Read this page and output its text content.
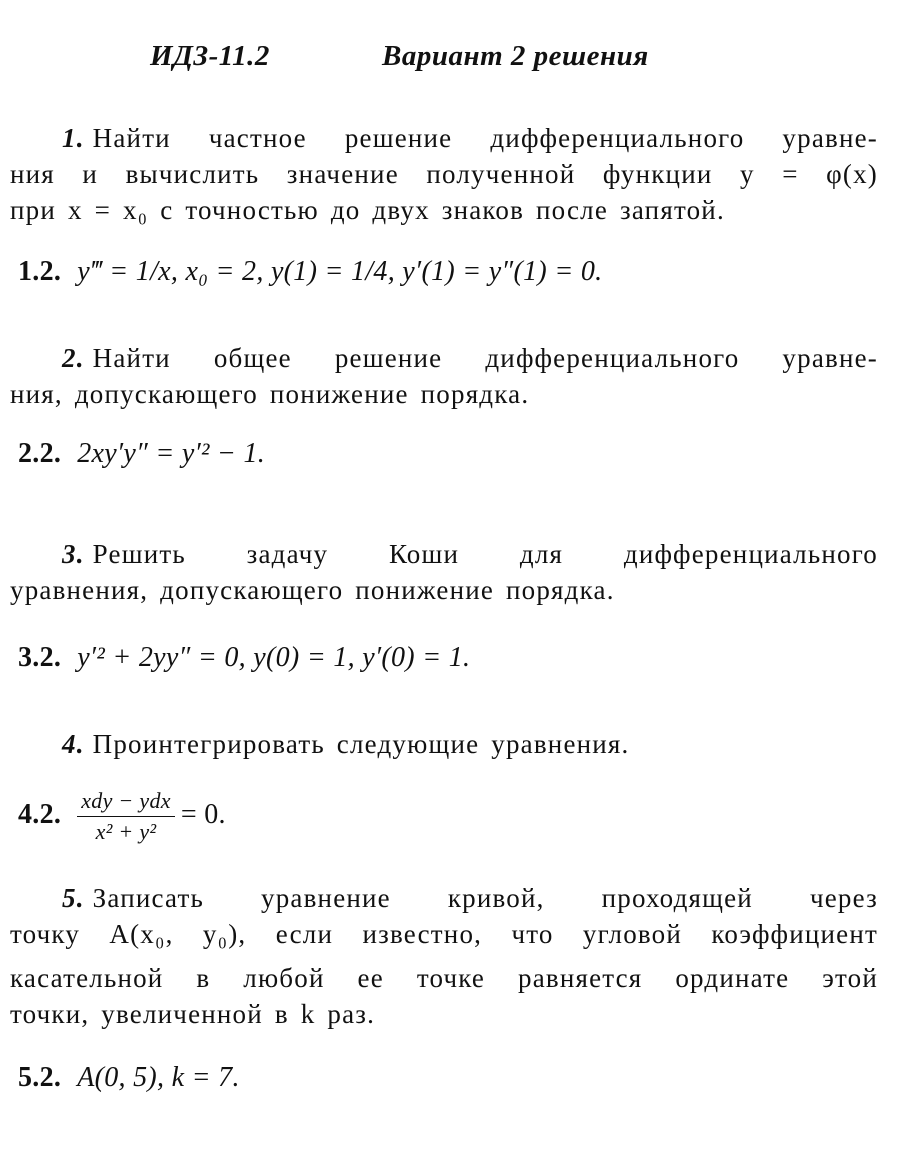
ИДЗ-11.2	Вариант 2 решения
1. Найти частное решение дифференциального уравне-
ния и вычислить значение полученной функции y = φ(x)
при x = x₀ с точностью до двух знаков после запятой.
1.2. y‴ = 1/x, x₀ = 2, y(1) = 1/4, y′(1) = y″(1) = 0.
2. Найти общее решение дифференциального уравне-
ния, допускающего понижение порядка.
2.2. 2xy′y″ = y′² − 1.
3. Решить задачу Коши для дифференциального
уравнения, допускающего понижение порядка.
3.2. y′² + 2yy″ = 0, y(0) = 1, y′(0) = 1.
4. Проинтегрировать следующие уравнения.
4.2. $\frac{\text{xdy − ydx}}{\text{x² + y²}} = 0$.
5. Записать уравнение кривой, проходящей через
точку A(x₀, y₀), если известно, что угловой коэффициент
касательной в любой ее точке равняется ординате этой
точки, увеличенной в k раз.
5.2. A(0, 5), k = 7.
